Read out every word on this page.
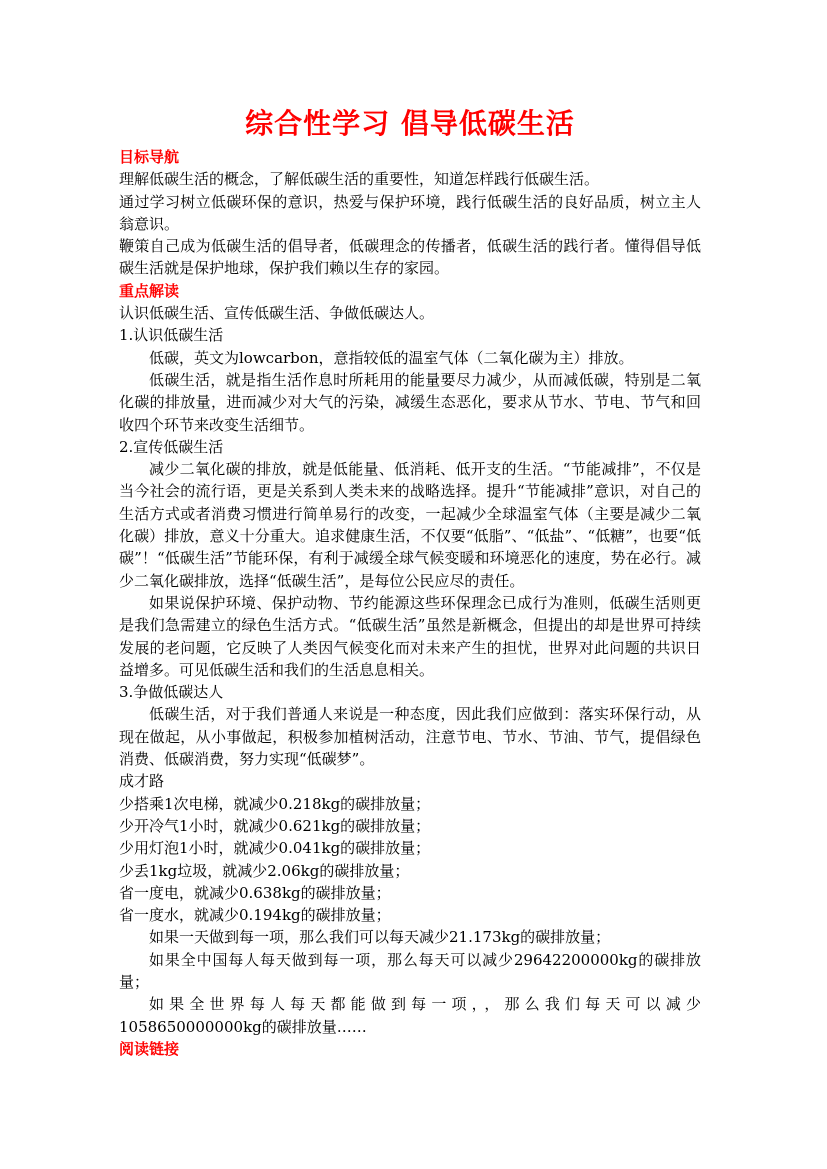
综合性学习 倡导低碳生活

目标导航

理解低碳生活的概念，了解低碳生活的重要性，知道怎样践行低碳生活。

通过学习树立低碳环保的意识，热爱与保护环境，践行低碳生活的良好品质，树立主人翁意识。

鞭策自己成为低碳生活的倡导者，低碳理念的传播者，低碳生活的践行者。懂得倡导低碳生活就是保护地球，保护我们赖以生存的家园。

重点解读

认识低碳生活、宣传低碳生活、争做低碳达人。

1.认识低碳生活

低碳，英文为lowcarbon，意指较低的温室气体（二氧化碳为主）排放。

低碳生活，就是指生活作息时所耗用的能量要尽力减少，从而减低碳，特别是二氧化碳的排放量，进而减少对大气的污染，减缓生态恶化，要求从节水、节电、节气和回收四个环节来改变生活细节。

2.宣传低碳生活

减少二氧化碳的排放，就是低能量、低消耗、低开支的生活。“节能减排”，不仅是当今社会的流行语，更是关系到人类未来的战略选择。提升“节能减排”意识，对自己的生活方式或者消费习惯进行简单易行的改变，一起减少全球温室气体（主要是减少二氧化碳）排放，意义十分重大。追求健康生活，不仅要“低脂”、“低盐”、“低糖”，也要“低碳”！“低碳生活”节能环保，有利于减缓全球气候变暖和环境恶化的速度，势在必行。减少二氧化碳排放，选择“低碳生活”，是每位公民应尽的责任。

如果说保护环境、保护动物、节约能源这些环保理念已成行为准则，低碳生活则更是我们急需建立的绿色生活方式。“低碳生活”虽然是新概念，但提出的却是世界可持续发展的老问题，它反映了人类因气候变化而对未来产生的担忧，世界对此问题的共识日益增多。可见低碳生活和我们的生活息息相关。

3.争做低碳达人

低碳生活，对于我们普通人来说是一种态度，因此我们应做到：落实环保行动，从现在做起，从小事做起，积极参加植树活动，注意节电、节水、节油、节气，提倡绿色消费、低碳消费，努力实现“低碳梦”。

成才路

少搭乘1次电梯，就减少0.218kg的碳排放量；

少开冷气1小时，就减少0.621kg的碳排放量；

少用灯泡1小时，就减少0.041kg的碳排放量；

少丢1kg垃圾，就减少2.06kg的碳排放量；

省一度电，就减少0.638kg的碳排放量；

省一度水，就减少0.194kg的碳排放量；

如果一天做到每一项，那么我们可以每天减少21.173kg的碳排放量；

如果全中国每人每天做到每一项，那么每天可以减少29642200000kg的碳排放量；

如果全世界每人每天都能做到每一项，，那么我们每天可以减少1058650000000kg的碳排放量……

阅读链接
